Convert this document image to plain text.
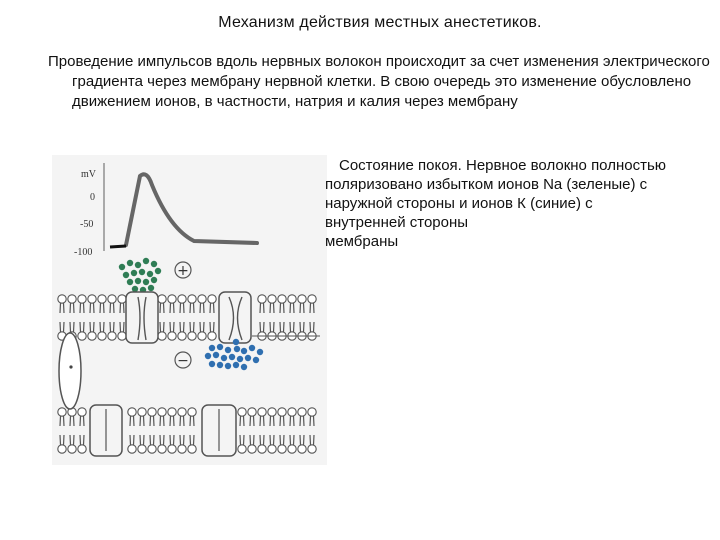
Механизм действия местных анестетиков.
Проведение импульсов вдоль нервных волокон происходит за счет изменения электрического градиента через мембрану нервной клетки. В свою очередь это изменение обусловлено движением ионов, в частности, натрия и калия через мембрану
mV
0
-50
-100
+
−
Состояние покоя. Нервное волокно полностью
поляризовано избытком ионов Na (зеленые) с
наружной стороны и ионов К (синие) с
внутренней стороны
мембраны
